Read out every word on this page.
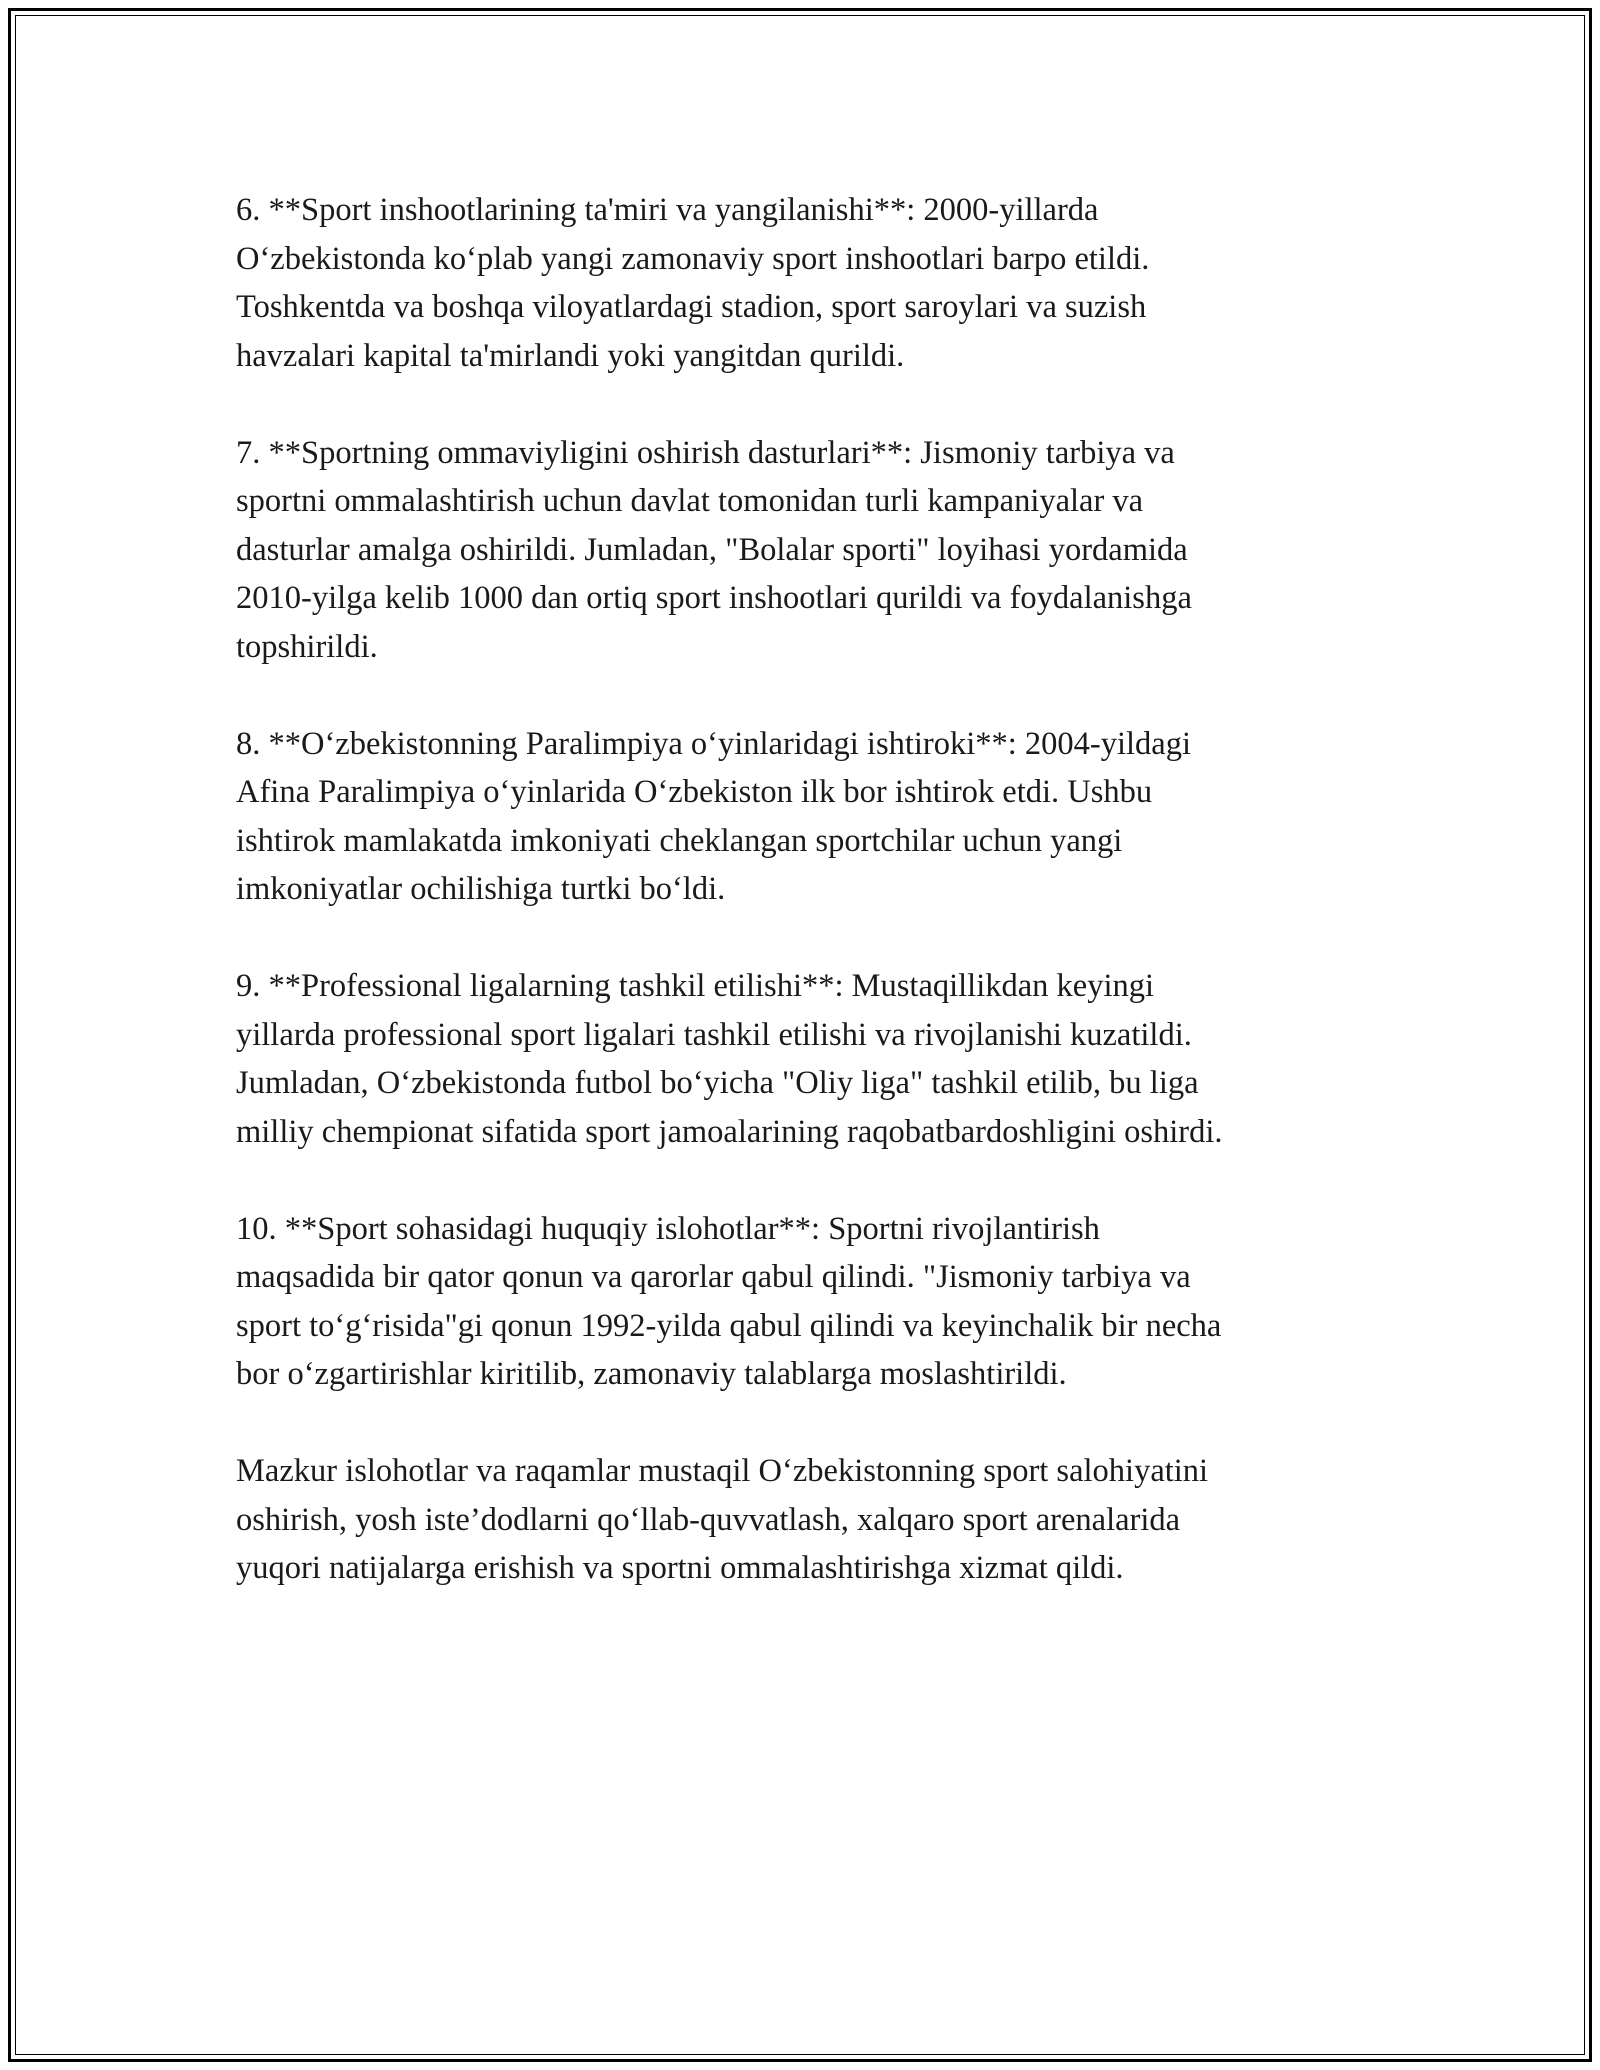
6. **Sport inshootlarining ta'miri va yangilanishi**: 2000-yillarda
O‘zbekistonda ko‘plab yangi zamonaviy sport inshootlari barpo etildi.
Toshkentda va boshqa viloyatlardagi stadion, sport saroylari va suzish
havzalari kapital ta'mirlandi yoki yangitdan qurildi.

7. **Sportning ommaviyligini oshirish dasturlari**: Jismoniy tarbiya va
sportni ommalashtirish uchun davlat tomonidan turli kampaniyalar va
dasturlar amalga oshirildi. Jumladan, "Bolalar sporti" loyihasi yordamida
2010-yilga kelib 1000 dan ortiq sport inshootlari qurildi va foydalanishga
topshirildi.

8. **O‘zbekistonning Paralimpiya o‘yinlaridagi ishtiroki**: 2004-yildagi
Afina Paralimpiya o‘yinlarida O‘zbekiston ilk bor ishtirok etdi. Ushbu
ishtirok mamlakatda imkoniyati cheklangan sportchilar uchun yangi
imkoniyatlar ochilishiga turtki bo‘ldi.

9. **Professional ligalarning tashkil etilishi**: Mustaqillikdan keyingi
yillarda professional sport ligalari tashkil etilishi va rivojlanishi kuzatildi.
Jumladan, O‘zbekistonda futbol bo‘yicha "Oliy liga" tashkil etilib, bu liga
milliy chempionat sifatida sport jamoalarining raqobatbardoshligini oshirdi.

10. **Sport sohasidagi huquqiy islohotlar**: Sportni rivojlantirish
maqsadida bir qator qonun va qarorlar qabul qilindi. "Jismoniy tarbiya va
sport to‘g‘risida"gi qonun 1992-yilda qabul qilindi va keyinchalik bir necha
bor o‘zgartirishlar kiritilib, zamonaviy talablarga moslashtirildi.

Mazkur islohotlar va raqamlar mustaqil O‘zbekistonning sport salohiyatini
oshirish, yosh iste’dodlarni qo‘llab-quvvatlash, xalqaro sport arenalarida
yuqori natijalarga erishish va sportni ommalashtirishga xizmat qildi.
